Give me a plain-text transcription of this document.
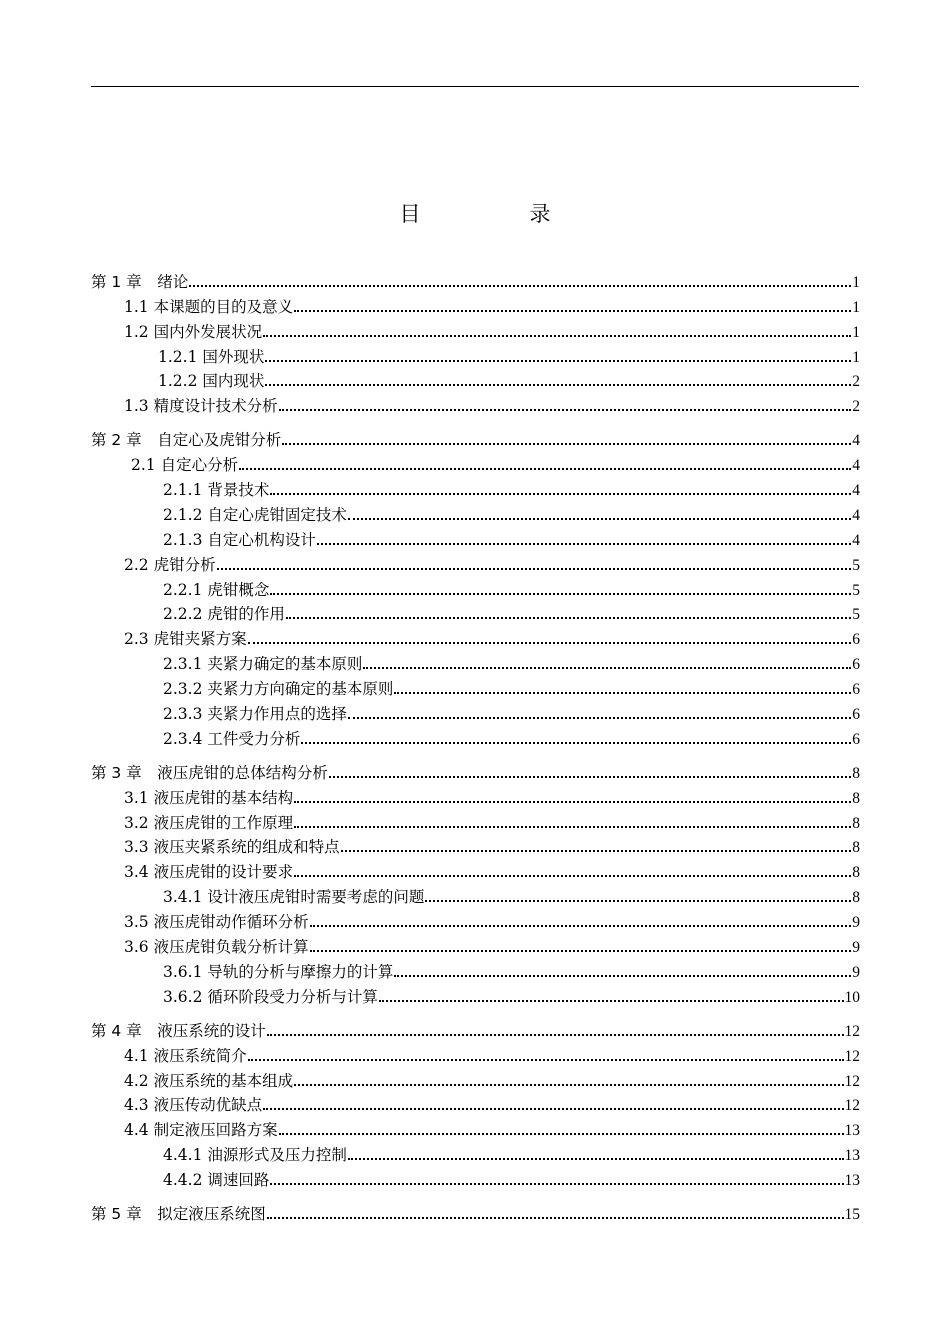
目　录
第 1 章　绪论	1
1.1 本课题的目的及意义	1
1.2 国内外发展状况	1
1.2.1 国外现状	1
1.2.2 国内现状	2
1.3 精度设计技术分析	2
第 2 章　自定心及虎钳分析	4
2.1 自定心分析	4
2.1.1 背景技术	4
2.1.2 自定心虎钳固定技术	4
2.1.3 自定心机构设计	4
2.2 虎钳分析	5
2.2.1 虎钳概念	5
2.2.2 虎钳的作用	5
2.3 虎钳夹紧方案	6
2.3.1 夹紧力确定的基本原则	6
2.3.2 夹紧力方向确定的基本原则	6
2.3.3 夹紧力作用点的选择	6
2.3.4 工件受力分析	6
第 3 章　液压虎钳的总体结构分析	8
3.1 液压虎钳的基本结构	8
3.2 液压虎钳的工作原理	8
3.3 液压夹紧系统的组成和特点	8
3.4 液压虎钳的设计要求	8
3.4.1 设计液压虎钳时需要考虑的问题	8
3.5 液压虎钳动作循环分析	9
3.6 液压虎钳负载分析计算	9
3.6.1 导轨的分析与摩擦力的计算	9
3.6.2 循环阶段受力分析与计算	10
第 4 章　液压系统的设计	12
4.1 液压系统简介	12
4.2 液压系统的基本组成	12
4.3 液压传动优缺点	12
4.4 制定液压回路方案	13
4.4.1 油源形式及压力控制	13
4.4.2 调速回路	13
第 5 章　拟定液压系统图	15
